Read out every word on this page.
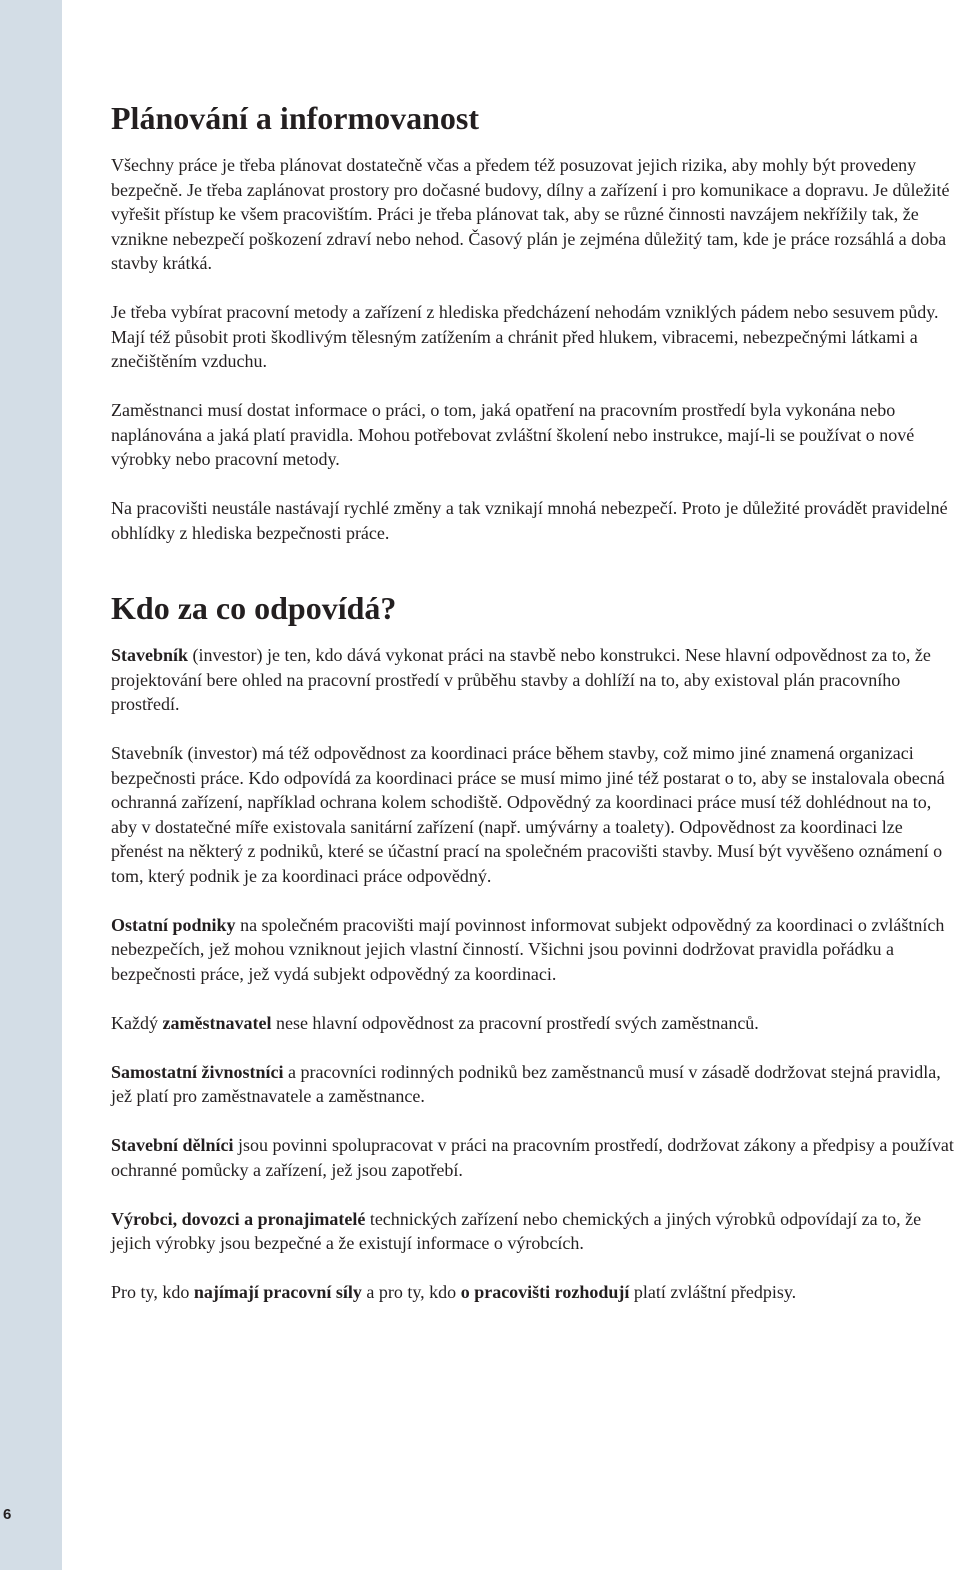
6
Plánování a informovanost

Všechny práce je třeba plánovat dostatečně včas a předem též posuzovat jejich rizika, aby mohly být provedeny bezpečně. Je třeba zaplánovat prostory pro dočasné budovy, dílny a zařízení i pro komunikace a dopravu. Je důležité vyřešit přístup ke všem pracovištím. Práci je třeba plánovat tak, aby se různé činnosti navzájem nekřížily tak, že vznikne nebezpečí poškození zdraví nebo nehod. Časový plán je zejména důležitý tam, kde je práce rozsáhlá a doba stavby krátká.

Je třeba vybírat pracovní metody a zařízení z hlediska předcházení nehodám vzniklých pádem nebo sesuvem půdy. Mají též působit proti škodlivým tělesným zatížením a chránit před hlukem, vibracemi, nebezpečnými látkami a znečištěním vzduchu.

Zaměstnanci musí dostat informace o práci, o tom, jaká opatření na pracovním prostředí byla vykonána nebo naplánována a jaká platí pravidla. Mohou potřebovat zvláštní školení nebo instrukce, mají-li se používat o nové výrobky nebo pracovní metody.

Na pracovišti neustále nastávají rychlé změny a tak vznikají mnohá nebezpečí. Proto je důležité provádět pravidelné obhlídky z hlediska bezpečnosti práce.

Kdo za co odpovídá?

Stavebník (investor) je ten, kdo dává vykonat práci na stavbě nebo konstrukci. Nese hlavní odpovědnost za to, že projektování bere ohled na pracovní prostředí v průběhu stavby a dohlíží na to, aby existoval plán pracovního prostředí.

Stavebník (investor) má též odpovědnost za koordinaci práce během stavby, což mimo jiné znamená organizaci bezpečnosti práce. Kdo odpovídá za koordinaci práce se musí mimo jiné též postarat o to, aby se instalovala obecná ochranná zařízení, například ochrana kolem schodiště. Odpovědný za koordinaci práce musí též dohlédnout na to, aby v dostatečné míře existovala sanitární zařízení (např. umývárny a toalety). Odpovědnost za koordinaci lze přenést na některý z podniků, které se účastní prací na společném pracovišti stavby. Musí být vyvěšeno oznámení o tom, který podnik je za koordinaci práce odpovědný.

Ostatní podniky na společném pracovišti mají povinnost informovat subjekt odpovědný za koordinaci o zvláštních nebezpečích, jež mohou vzniknout jejich vlastní činností. Všichni jsou povinni dodržovat pravidla pořádku a bezpečnosti práce, jež vydá subjekt odpovědný za koordinaci.

Každý zaměstnavatel nese hlavní odpovědnost za pracovní prostředí svých zaměstnanců.

Samostatní živnostníci a pracovníci rodinných podniků bez zaměstnanců musí v zásadě dodržovat stejná pravidla, jež platí pro zaměstnavatele a zaměstnance.

Stavební dělníci jsou povinni spolupracovat v práci na pracovním prostředí, dodržovat zákony a předpisy a používat ochranné pomůcky a zařízení, jež jsou zapotřebí.

Výrobci, dovozci a pronajimatelé technických zařízení nebo chemických a jiných výrobků odpovídají za to, že jejich výrobky jsou bezpečné a že existují informace o výrobcích.

Pro ty, kdo najímají pracovní síly a pro ty, kdo o pracovišti rozhodují platí zvláštní předpisy.
